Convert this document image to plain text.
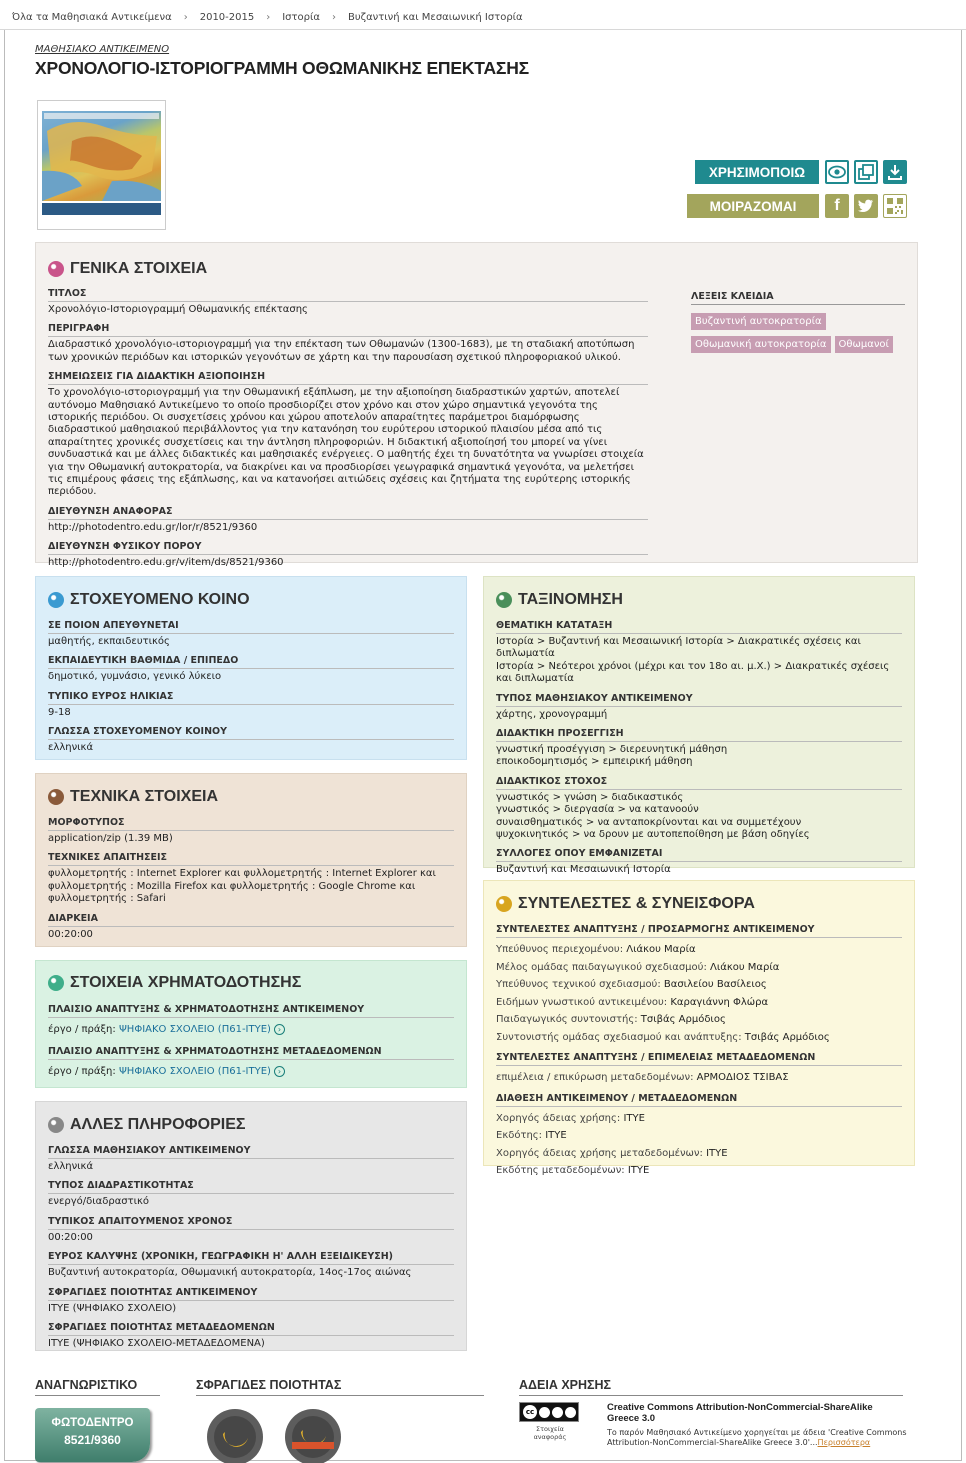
Όλα τα Μαθησιακά Αντικείμενα › 2010-2015 › Ιστορία › Βυζαντινή και Μεσαιωνική Ιστορία
ΜΑΘΗΣΙΑΚΟ ΑΝΤΙΚΕΙΜΕΝΟ
ΧΡΟΝΟΛΟΓΙΟ-ΙΣΤΟΡΙΟΓΡΑΜΜΗ ΟΘΩΜΑΝΙΚΗΣ ΕΠΕΚΤΑΣΗΣ
ΧΡΗΣΙΜΟΠΟΙΩ
ΜΟΙΡΑΖΟΜΑΙ	f
ΓΕΝΙΚΑ ΣΤΟΙΧΕΙΑ
ΤΙΤΛΟΣ
Χρονολόγιο-Ιστοριογραμμή Οθωμανικής επέκτασης
ΠΕΡΙΓΡΑΦΗ
Διαδραστικό χρονολόγιο-ιστοριογραμμή για την επέκταση των Οθωμανών (1300-1683), με τη σταδιακή αποτύπωση των χρονικών περιόδων και ιστορικών γεγονότων σε χάρτη και την παρουσίαση σχετικού πληροφοριακού υλικού.
ΣΗΜΕΙΩΣΕΙΣ ΓΙΑ ΔΙΔΑΚΤΙΚΗ ΑΞΙΟΠΟΙΗΣΗ
Το χρονολόγιο-ιστοριογραμμή για την Οθωμανική εξάπλωση, με την αξιοποίηση διαδραστικών χαρτών, αποτελεί αυτόνομο Μαθησιακό Αντικείμενο το οποίο προσδιορίζει στον χρόνο και στον χώρο σημαντικά γεγονότα της ιστορικής περιόδου. Οι συσχετίσεις χρόνου και χώρου αποτελούν απαραίτητες παράμετροι διαμόρφωσης διαδραστικού μαθησιακού περιβάλλοντος για την κατανόηση του ευρύτερου ιστορικού πλαισίου μέσα από τις απαραίτητες χρονικές συσχετίσεις και την άντληση πληροφοριών. Η διδακτική αξιοποίησή του μπορεί να γίνει συνδυαστικά και με άλλες διδακτικές και μαθησιακές ενέργειες. Ο μαθητής έχει τη δυνατότητα να γνωρίσει στοιχεία για την Οθωμανική αυτοκρατορία, να διακρίνει και να προσδιορίσει γεωγραφικά σημαντικά γεγονότα, να μελετήσει τις επιμέρους φάσεις της εξάπλωσης, και να κατανοήσει αιτιώδεις σχέσεις και ζητήματα της ευρύτερης ιστορικής περιόδου.
ΔΙΕΥΘΥΝΣΗ ΑΝΑΦΟΡΑΣ
http://photodentro.edu.gr/lor/r/8521/9360
ΔΙΕΥΘΥΝΣΗ ΦΥΣΙΚΟΥ ΠΟΡΟΥ
http://photodentro.edu.gr/v/item/ds/8521/9360
ΛΕΞΕΙΣ ΚΛΕΙΔΙΑ
Βυζαντινή αυτοκρατορίαΟθωμανική αυτοκρατορία Οθωμανοί
ΣΤΟΧΕΥΟΜΕΝΟ ΚΟΙΝΟ
ΣΕ ΠΟΙΟΝ ΑΠΕΥΘΥΝΕΤΑΙ
μαθητής, εκπαιδευτικός
ΕΚΠΑΙΔΕΥΤΙΚΗ ΒΑΘΜΙΔΑ / ΕΠΙΠΕΔΟ
δημοτικό, γυμνάσιο, γενικό λύκειο
ΤΥΠΙΚΟ ΕΥΡΟΣ ΗΛΙΚΙΑΣ
9-18
ΓΛΩΣΣΑ ΣΤΟΧΕΥΟΜΕΝΟΥ ΚΟΙΝΟΥ
ελληνικά
ΤΕΧΝΙΚΑ ΣΤΟΙΧΕΙΑ
ΜΟΡΦΟΤΥΠΟΣ
application/zip (1.39 MB)
ΤΕΧΝΙΚΕΣ ΑΠΑΙΤΗΣΕΙΣ
φυλλομετρητής : Internet Explorer και φυλλομετρητής : Internet Explorer και φυλλομετρητής : Mozilla Firefox και φυλλομετρητής : Google Chrome και φυλλομετρητής : Safari
ΔΙΑΡΚΕΙΑ
00:20:00
ΣΤΟΙΧΕΙΑ ΧΡΗΜΑΤΟΔΟΤΗΣΗΣ
ΠΛΑΙΣΙΟ ΑΝΑΠΤΥΞΗΣ & ΧΡΗΜΑΤΟΔΟΤΗΣΗΣ ΑΝΤΙΚΕΙΜΕΝΟΥ
έργο / πράξη: ΨΗΦΙΑΚΟ ΣΧΟΛΕΙΟ (Π61-ΙΤΥΕ) ›
ΠΛΑΙΣΙΟ ΑΝΑΠΤΥΞΗΣ & ΧΡΗΜΑΤΟΔΟΤΗΣΗΣ ΜΕΤΑΔΕΔΟΜΕΝΩΝ
έργο / πράξη: ΨΗΦΙΑΚΟ ΣΧΟΛΕΙΟ (Π61-ΙΤΥΕ) ›
ΑΛΛΕΣ ΠΛΗΡΟΦΟΡΙΕΣ
ΓΛΩΣΣΑ ΜΑΘΗΣΙΑΚΟΥ ΑΝΤΙΚΕΙΜΕΝΟΥ
ελληνικά
ΤΥΠΟΣ ΔΙΑΔΡΑΣΤΙΚΟΤΗΤΑΣ
ενεργό/διαδραστικό
ΤΥΠΙΚΟΣ ΑΠΑΙΤΟΥΜΕΝΟΣ ΧΡΟΝΟΣ
00:20:00
ΕΥΡΟΣ ΚΑΛΥΨΗΣ (ΧΡΟΝΙΚΗ, ΓΕΩΓΡΑΦΙΚΗ Η' ΑΛΛΗ ΕΞΕΙΔΙΚΕΥΣΗ)
Βυζαντινή αυτοκρατορία, Οθωμανική αυτοκρατορία, 14ος-17ος αιώνας
ΣΦΡΑΓΙΔΕΣ ΠΟΙΟΤΗΤΑΣ ΑΝΤΙΚΕΙΜΕΝΟΥ
ΙΤΥΕ (ΨΗΦΙΑΚΟ ΣΧΟΛΕΙΟ)
ΣΦΡΑΓΙΔΕΣ ΠΟΙΟΤΗΤΑΣ ΜΕΤΑΔΕΔΟΜΕΝΩΝ
ΙΤΥΕ (ΨΗΦΙΑΚΟ ΣΧΟΛΕΙΟ-ΜΕΤΑΔΕΔΟΜΕΝΑ)
ΤΑΞΙΝΟΜΗΣΗ
ΘΕΜΑΤΙΚΗ ΚΑΤΑΤΑΞΗ
Ιστορία > Βυζαντινή και Μεσαιωνική Ιστορία > Διακρατικές σχέσεις και διπλωματία
Ιστορία > Νεότεροι χρόνοι (μέχρι και τον 18ο αι. μ.Χ.) > Διακρατικές σχέσεις και διπλωματία
ΤΥΠΟΣ ΜΑΘΗΣΙΑΚΟΥ ΑΝΤΙΚΕΙΜΕΝΟΥ
χάρτης, χρονογραμμή
ΔΙΔΑΚΤΙΚΗ ΠΡΟΣΕΓΓΙΣΗ
γνωστική προσέγγιση > διερευνητική μάθηση
εποικοδομητισμός > εμπειρική μάθηση
ΔΙΔΑΚΤΙΚΟΣ ΣΤΟΧΟΣ
γνωστικός > γνώση > διαδικαστικός
γνωστικός > διεργασία > να κατανοούν
συναισθηματικός > να ανταποκρίνονται και να συμμετέχουν
ψυχοκινητικός > να δρουν με αυτοπεποίθηση με βάση οδηγίες
ΣΥΛΛΟΓΕΣ ΟΠΟΥ ΕΜΦΑΝΙΖΕΤΑΙ
Βυζαντινή και Μεσαιωνική Ιστορία
ΣΥΝΤΕΛΕΣΤΕΣ & ΣΥΝΕΙΣΦΟΡΑ
ΣΥΝΤΕΛΕΣΤΕΣ ΑΝΑΠΤΥΞΗΣ / ΠΡΟΣΑΡΜΟΓΗΣ ΑΝΤΙΚΕΙΜΕΝΟΥ
Υπεύθυνος περιεχομένου: Λιάκου Μαρία
Μέλος ομάδας παιδαγωγικού σχεδιασμού: Λιάκου Μαρία
Υπεύθυνος τεχνικού σχεδιασμού: Βασιλείου Βασίλειος
Ειδήμων γνωστικού αντικειμένου: Καραγιάννη Φλώρα
Παιδαγωγικός συντονιστής: Τσιβάς Αρμόδιος
Συντονιστής ομάδας σχεδιασμού και ανάπτυξης: Τσιβάς Αρμόδιος
ΣΥΝΤΕΛΕΣΤΕΣ ΑΝΑΠΤΥΞΗΣ / ΕΠΙΜΕΛΕΙΑΣ ΜΕΤΑΔΕΔΟΜΕΝΩΝ
επιμέλεια / επικύρωση μεταδεδομένων: ΑΡΜΟΔΙΟΣ ΤΣΙΒΑΣ
ΔΙΑΘΕΣΗ ΑΝΤΙΚΕΙΜΕΝΟΥ / ΜΕΤΑΔΕΔΟΜΕΝΩΝ
Χορηγός άδειας χρήσης: ΙΤΥΕ
Εκδότης: ΙΤΥΕ
Χορηγός άδειας χρήσης μεταδεδομένων: ΙΤΥΕ
Εκδότης μεταδεδομένων: ΙΤΥΕ
ΑΝΑΓΝΩΡΙΣΤΙΚΟ
ΦΩΤΟΔΕΝΤΡΟ
8521/9360
ΣΦΡΑΓΙΔΕΣ ΠΟΙΟΤΗΤΑΣ	ΑΔΕΙΑ ΧΡΗΣΗΣ
cc
Στοιχεία αναφοράς
Creative Commons Attribution-NonCommercial-ShareAlike Greece 3.0
Το παρόν Μαθησιακό Αντικείμενο χορηγείται με άδεια 'Creative Commons Attribution-NonCommercial-ShareAlike Greece 3.0'...Περισσότερα
